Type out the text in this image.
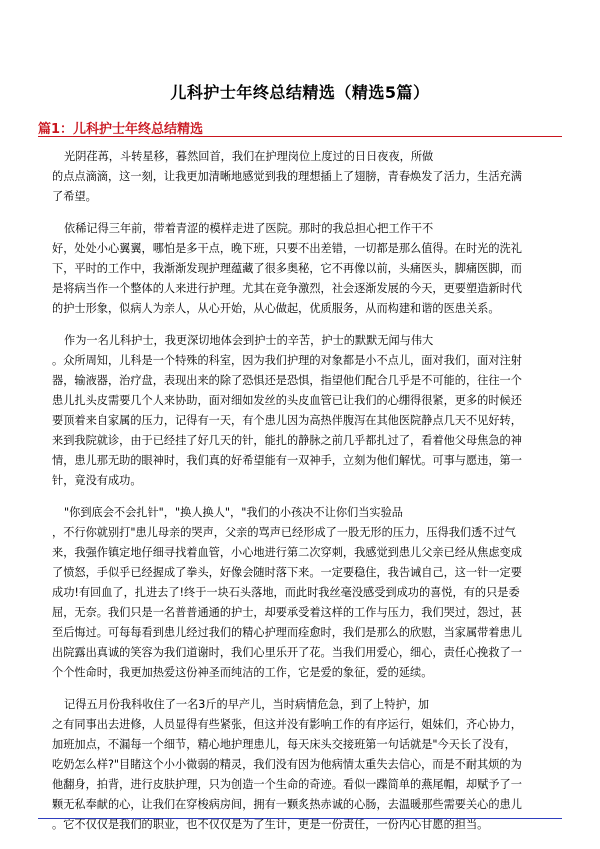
儿科护士年终总结精选（精选5篇）
篇1：儿科护士年终总结精选

光阴荏苒，斗转星移，暮然回首，我们在护理岗位上度过的日日夜夜，所做
的点点滴滴，这一刻，让我更加清晰地感觉到我的理想插上了翅膀，青春焕发了活力，生活充满
了希望。

依稀记得三年前，带着青涩的模样走进了医院。那时的我总担心把工作干不
好，处处小心翼翼，哪怕是多干点，晚下班，只要不出差错，一切都是那么值得。在时光的洗礼
下，平时的工作中，我渐渐发现护理蕴藏了很多奥秘，它不再像以前，头痛医头，脚痛医脚，而
是将病当作一个整体的人来进行护理。尤其在竞争激烈，社会逐渐发展的今天，更要塑造新时代
的护士形象，似病人为亲人，从心开始，从心做起，优质服务，从而构建和谐的医患关系。

作为一名儿科护士，我更深切地体会到护士的辛苦，护士的默默无闻与伟大
。众所周知，儿科是一个特殊的科室，因为我们护理的对象都是小不点儿，面对我们，面对注射
器，输液器，治疗盘，表现出来的除了恐惧还是恐惧，指望他们配合几乎是不可能的，往往一个
患儿扎头皮需要几个人来协助，面对细如发丝的头皮血管已让我们的心绷得很紧，更多的时候还
要顶着来自家属的压力，记得有一天，有个患儿因为高热伴腹泻在其他医院静点几天不见好转，
来到我院就诊，由于已经挂了好几天的针，能扎的静脉之前几乎都扎过了，看着他父母焦急的神
情，患儿那无助的眼神时，我们真的好希望能有一双神手，立刻为他们解忧。可事与愿违，第一
针，竟没有成功。

"你到底会不会扎针"，"换人换人"，"我们的小孩决不让你们当实验品
，不行你就别打"患儿母亲的哭声，父亲的骂声已经形成了一股无形的压力，压得我们透不过气
来，我强作镇定地仔细寻找着血管，小心地进行第二次穿刺，我感觉到患儿父亲已经从焦虑变成
了愤怒，手似乎已经握成了拳头，好像会随时落下来。一定要稳住，我告诫自己，这一针一定要
成功!有回血了，扎进去了!终于一块石头落地，而此时我丝毫没感受到成功的喜悦，有的只是委
屈，无奈。我们只是一名普普通通的护士，却要承受着这样的工作与压力，我们哭过，怨过，甚
至后悔过。可每每看到患儿经过我们的精心护理而痊愈时，我们是那么的欣慰，当家属带着患儿
出院露出真诚的笑容为我们道谢时，我们心里乐开了花。当我们用爱心，细心，责任心挽救了一
个个性命时，我更加热爱这份神圣而纯洁的工作，它是爱的象征，爱的延续。

记得五月份我科收住了一名3斤的早产儿，当时病情危急，到了上特护，加
之有同事出去进修，人员显得有些紧张，但这并没有影响工作的有序运行，姐妹们，齐心协力，
加班加点，不漏每一个细节，精心地护理患儿，每天床头交接班第一句话就是"今天长了没有，
吃奶怎么样?"目睹这个小小微弱的精灵，我们没有因为他病情太重失去信心，而是不耐其烦的为
他翻身，拍背，进行皮肤护理，只为创造一个生命的奇迹。看似一蹀简单的燕尾帽，却赋予了一
颗无私奉献的心，让我们在穿梭病房间，拥有一颗炙热赤诚的心肠，去温暖那些需要关心的患儿
。它不仅仅是我们的职业，也不仅仅是为了生计，更是一份责任，一份内心甘愿的担当。
